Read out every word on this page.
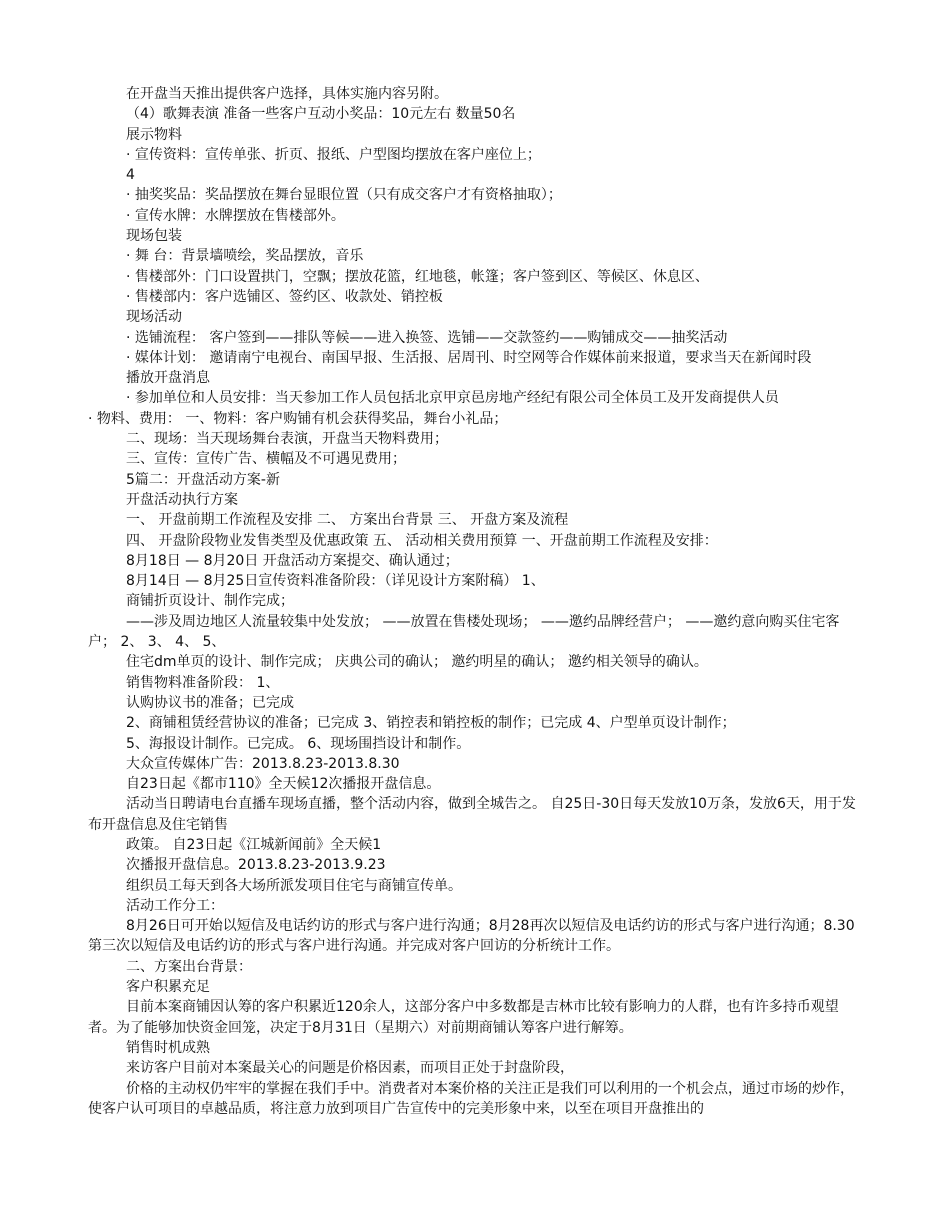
在开盘当天推出提供客户选择，具体实施内容另附。
（4）歌舞表演 准备一些客户互动小奖品：10元左右 数量50名
展示物料
· 宣传资料：宣传单张、折页、报纸、户型图均摆放在客户座位上；
4
· 抽奖奖品：奖品摆放在舞台显眼位置（只有成交客户才有资格抽取）；
· 宣传水牌：水牌摆放在售楼部外。
现场包装
· 舞 台：背景墙喷绘，奖品摆放，音乐
· 售楼部外：门口设置拱门，空飘；摆放花篮，红地毯，帐篷；客户签到区、等候区、休息区、
· 售楼部内：客户选铺区、签约区、收款处、销控板
现场活动
· 选铺流程： 客户签到——排队等候——进入换签、选铺——交款签约——购铺成交——抽奖活动
· 媒体计划： 邀请南宁电视台、南国早报、生活报、居周刊、时空网等合作媒体前来报道，要求当天在新闻时段
播放开盘消息
· 参加单位和人员安排：当天参加工作人员包括北京甲京邑房地产经纪有限公司全体员工及开发商提供人员
· 物料、费用： 一、物料：客户购铺有机会获得奖品，舞台小礼品；
二、现场：当天现场舞台表演，开盘当天物料费用；
三、宣传：宣传广告、横幅及不可遇见费用；
5篇二：开盘活动方案-新
开盘活动执行方案
一、 开盘前期工作流程及安排 二、 方案出台背景 三、 开盘方案及流程
四、 开盘阶段物业发售类型及优惠政策 五、 活动相关费用预算 一、开盘前期工作流程及安排：
8月18日 — 8月20日 开盘活动方案提交、确认通过；
8月14日 — 8月25日宣传资料准备阶段：（详见设计方案附稿） 1、
商铺折页设计、制作完成；
——涉及周边地区人流量较集中处发放； ——放置在售楼处现场； ——邀约品牌经营户； ——邀约意向购买住宅客户； 2、 3、 4、 5、
住宅dm单页的设计、制作完成； 庆典公司的确认； 邀约明星的确认； 邀约相关领导的确认。
销售物料准备阶段： 1、
认购协议书的准备；已完成
2、商铺租赁经营协议的准备；已完成 3、销控表和销控板的制作；已完成 4、户型单页设计制作；
5、海报设计制作。已完成。 6、现场围挡设计和制作。
大众宣传媒体广告：2013.8.23-2013.8.30
自23日起《都市110》全天候12次播报开盘信息。
活动当日聘请电台直播车现场直播，整个活动内容，做到全城告之。 自25日-30日每天发放10万条，发放6天，用于发布开盘信息及住宅销售
政策。 自23日起《江城新闻前》全天候1
次播报开盘信息。2013.8.23-2013.9.23
组织员工每天到各大场所派发项目住宅与商铺宣传单。
活动工作分工：
8月26日可开始以短信及电话约访的形式与客户进行沟通；8月28再次以短信及电话约访的形式与客户进行沟通；8.30第三次以短信及电话约访的形式与客户进行沟通。并完成对客户回访的分析统计工作。
二、方案出台背景：
客户积累充足
目前本案商铺因认筹的客户积累近120余人，这部分客户中多数都是吉林市比较有影响力的人群，也有许多持币观望者。为了能够加快资金回笼，决定于8月31日（星期六）对前期商铺认筹客户进行解筹。
销售时机成熟
来访客户目前对本案最关心的问题是价格因素，而项目正处于封盘阶段，
价格的主动权仍牢牢的掌握在我们手中。消费者对本案价格的关注正是我们可以利用的一个机会点，通过市场的炒作，使客户认可项目的卓越品质，将注意力放到项目广告宣传中的完美形象中来，以至在项目开盘推出的
